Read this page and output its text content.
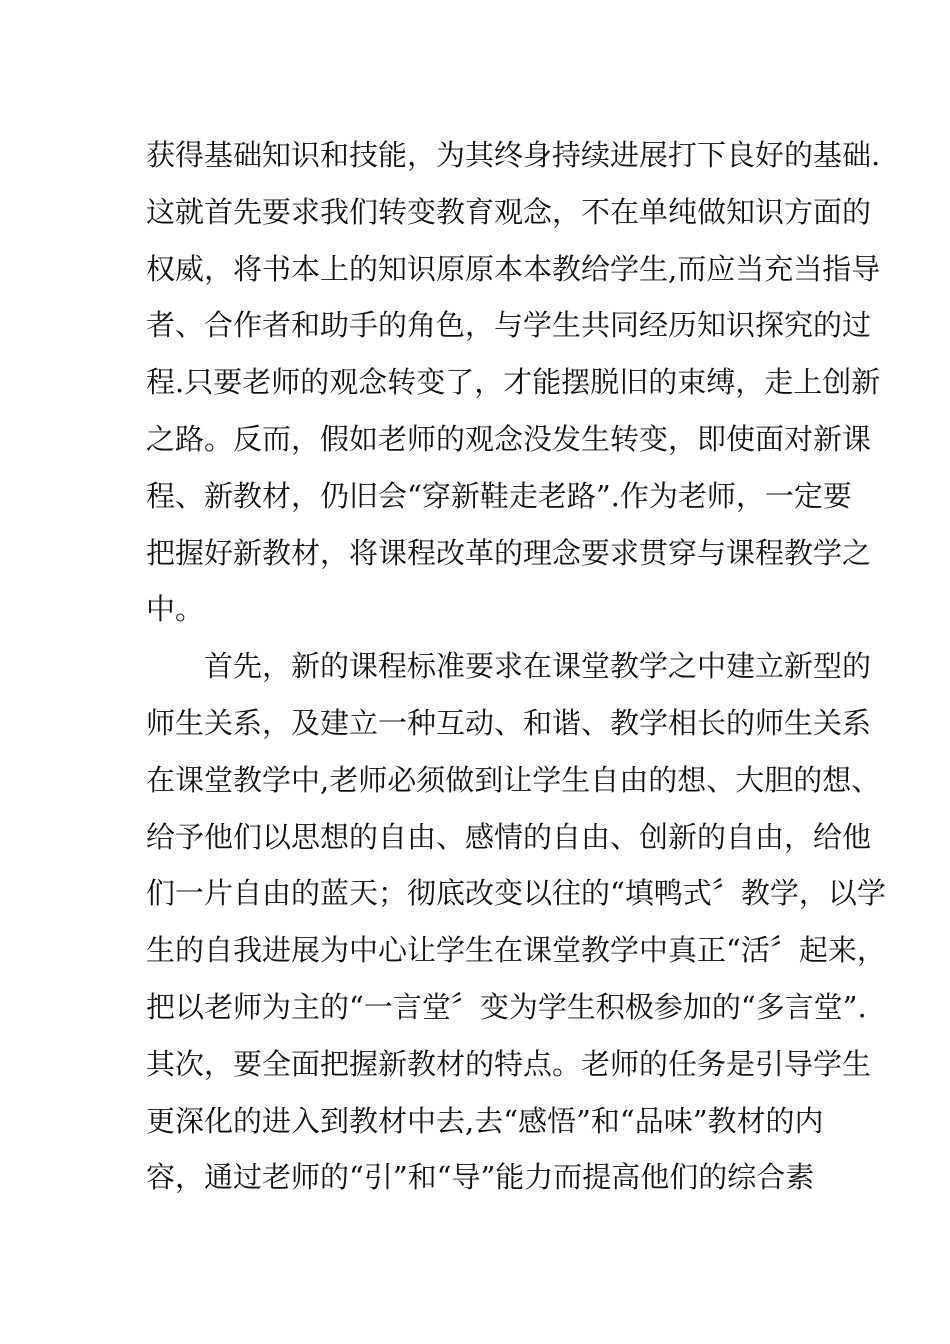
获得基础知识和技能，为其终身持续进展打下良好的基础.
这就首先要求我们转变教育观念，不在单纯做知识方面的
权威，将书本上的知识原原本本教给学生,而应当充当指导
者、合作者和助手的角色，与学生共同经历知识探究的过
程.只要老师的观念转变了，才能摆脱旧的束缚，走上创新
之路。反而，假如老师的观念没发生转变，即使面对新课
程、新教材，仍旧会“穿新鞋走老路”.作为老师，一定要
把握好新教材，将课程改革的理念要求贯穿与课程教学之
中。
首先，新的课程标准要求在课堂教学之中建立新型的
师生关系，及建立一种互动、和谐、教学相长的师生关系
在课堂教学中,老师必须做到让学生自由的想、大胆的想、
给予他们以思想的自由、感情的自由、创新的自由，给他
们一片自由的蓝天；彻底改变以往的“填鸭式〞教学，以学
生的自我进展为中心让学生在课堂教学中真正“活〞起来，
把以老师为主的“一言堂〞变为学生积极参加的“多言堂”.
其次，要全面把握新教材的特点。老师的任务是引导学生
更深化的进入到教材中去,去“感悟”和“品味”教材的内
容，通过老师的“引”和“导”能力而提高他们的综合素
